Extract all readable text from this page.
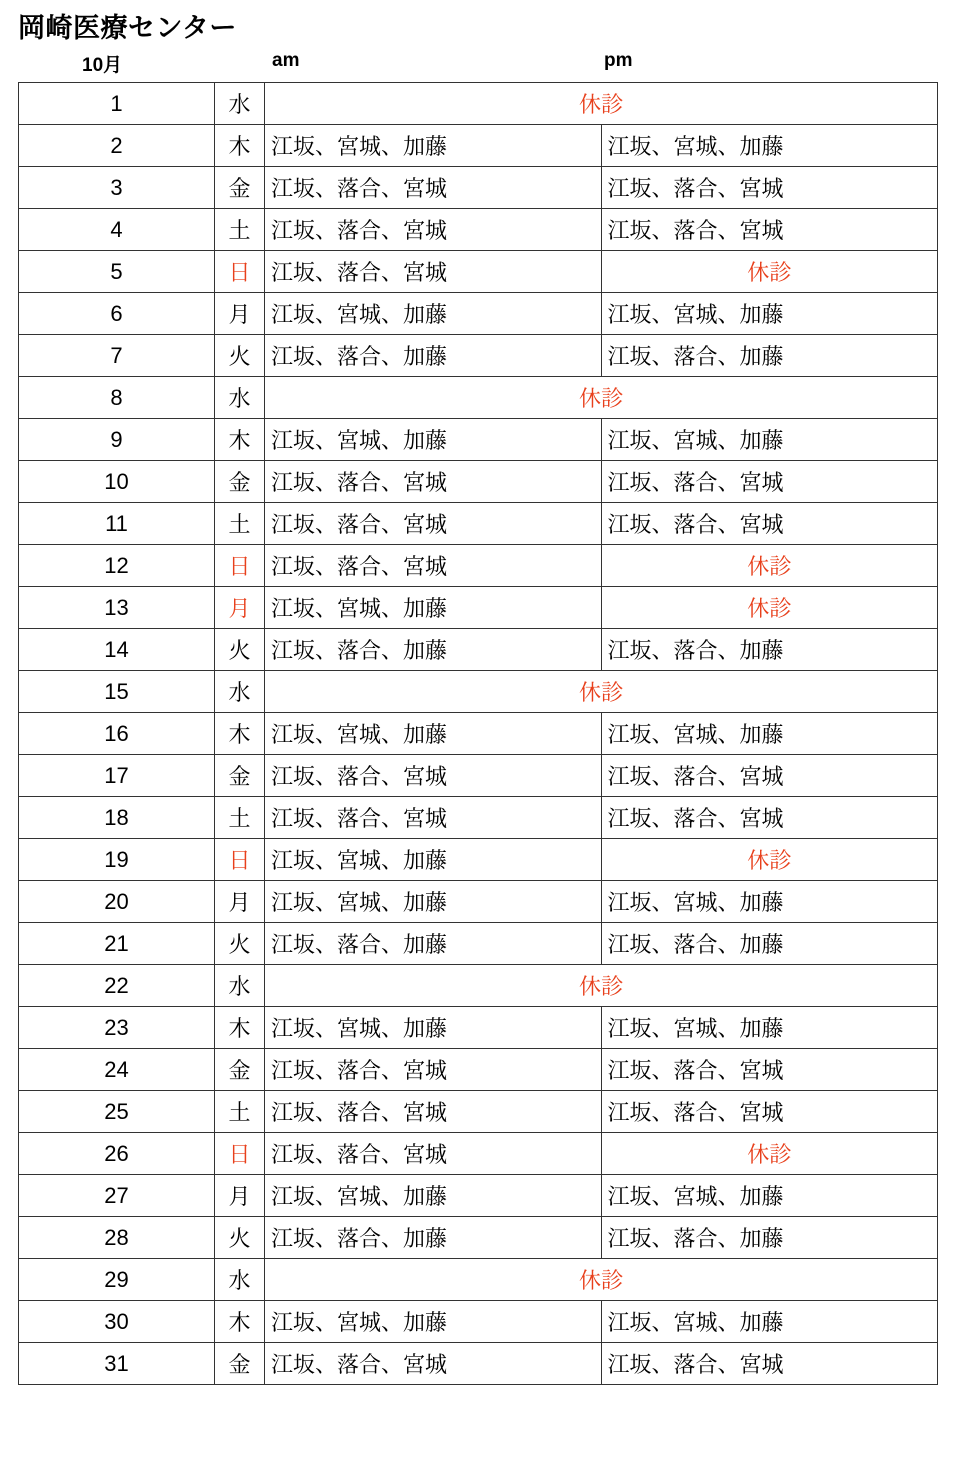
岡崎医療センター
10月	am	pm
1	水	休診	
2	木	江坂、宮城、加藤	江坂、宮城、加藤
3	金	江坂、落合、宮城	江坂、落合、宮城
4	土	江坂、落合、宮城	江坂、落合、宮城
5	日	江坂、落合、宮城	休診
6	月	江坂、宮城、加藤	江坂、宮城、加藤
7	火	江坂、落合、加藤	江坂、落合、加藤
8	水	休診	
9	木	江坂、宮城、加藤	江坂、宮城、加藤
10	金	江坂、落合、宮城	江坂、落合、宮城
11	土	江坂、落合、宮城	江坂、落合、宮城
12	日	江坂、落合、宮城	休診
13	月	江坂、宮城、加藤	休診
14	火	江坂、落合、加藤	江坂、落合、加藤
15	水	休診	
16	木	江坂、宮城、加藤	江坂、宮城、加藤
17	金	江坂、落合、宮城	江坂、落合、宮城
18	土	江坂、落合、宮城	江坂、落合、宮城
19	日	江坂、宮城、加藤	休診
20	月	江坂、宮城、加藤	江坂、宮城、加藤
21	火	江坂、落合、加藤	江坂、落合、加藤
22	水	休診	
23	木	江坂、宮城、加藤	江坂、宮城、加藤
24	金	江坂、落合、宮城	江坂、落合、宮城
25	土	江坂、落合、宮城	江坂、落合、宮城
26	日	江坂、落合、宮城	休診
27	月	江坂、宮城、加藤	江坂、宮城、加藤
28	火	江坂、落合、加藤	江坂、落合、加藤
29	水	休診	
30	木	江坂、宮城、加藤	江坂、宮城、加藤
31	金	江坂、落合、宮城	江坂、落合、宮城
